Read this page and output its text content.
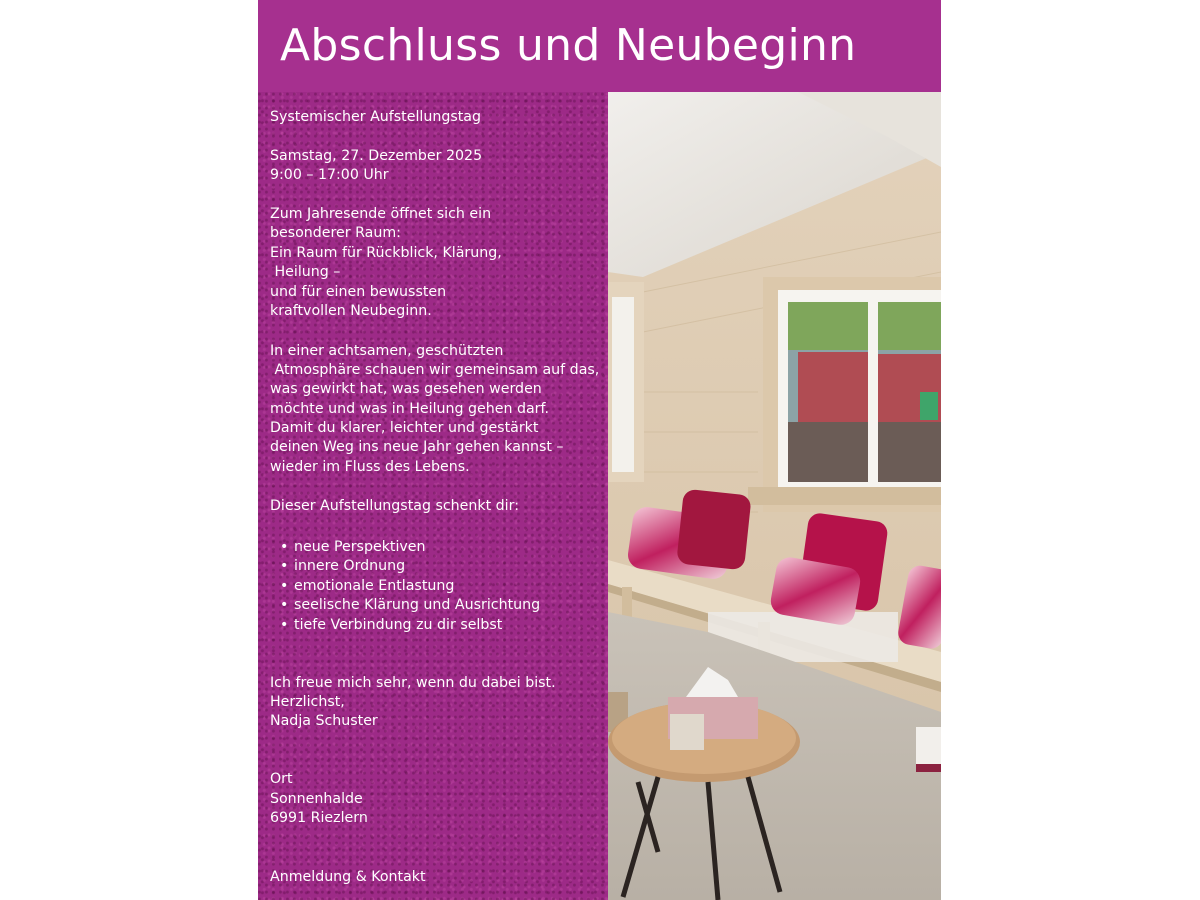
Abschluss und Neubeginn
Systemischer Aufstellungstag
Samstag, 27. Dezember 2025
9:00 – 17:00 Uhr
Zum Jahresende öffnet sich ein
besonderer Raum:
Ein Raum für Rückblick, Klärung,
Heilung –
und für einen bewussten
kraftvollen Neubeginn.
In einer achtsamen, geschützten
Atmosphäre schauen wir gemeinsam auf das,
was gewirkt hat, was gesehen werden
möchte und was in Heilung gehen darf.
Damit du klarer, leichter und gestärkt
deinen Weg ins neue Jahr gehen kannst –
wieder im Fluss des Lebens.
Dieser Aufstellungstag schenkt dir:
• neue Perspektiven
• innere Ordnung
• emotionale Entlastung
• seelische Klärung und Ausrichtung
• tiefe Verbindung zu dir selbst
Ich freue mich sehr, wenn du dabei bist.
Herzlichst,
Nadja Schuster
Ort
Sonnenhalde
6991 Riezlern
Anmeldung & Kontakt
